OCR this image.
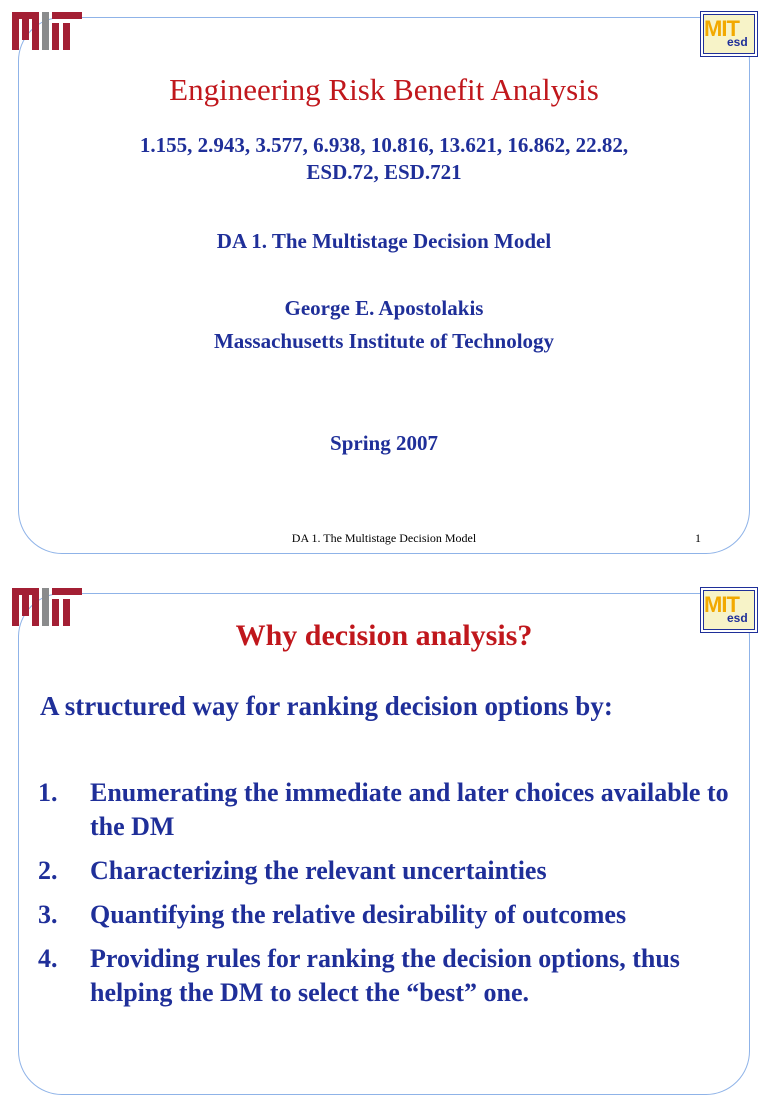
MIT
esd
Engineering Risk Benefit Analysis
1.155, 2.943, 3.577, 6.938, 10.816, 13.621, 16.862, 22.82,
ESD.72, ESD.721
DA 1. The Multistage Decision Model
George E. Apostolakis
Massachusetts Institute of Technology
Spring 2007
DA 1. The Multistage Decision Model	1
MIT
esd
Why decision analysis?
A structured way for ranking decision options by:
1. Enumerating the immediate and later choices available to the DM
2. Characterizing the relevant uncertainties
3. Quantifying the relative desirability of outcomes
4. Providing rules for ranking the decision options, thus helping the DM to select the “best” one.
